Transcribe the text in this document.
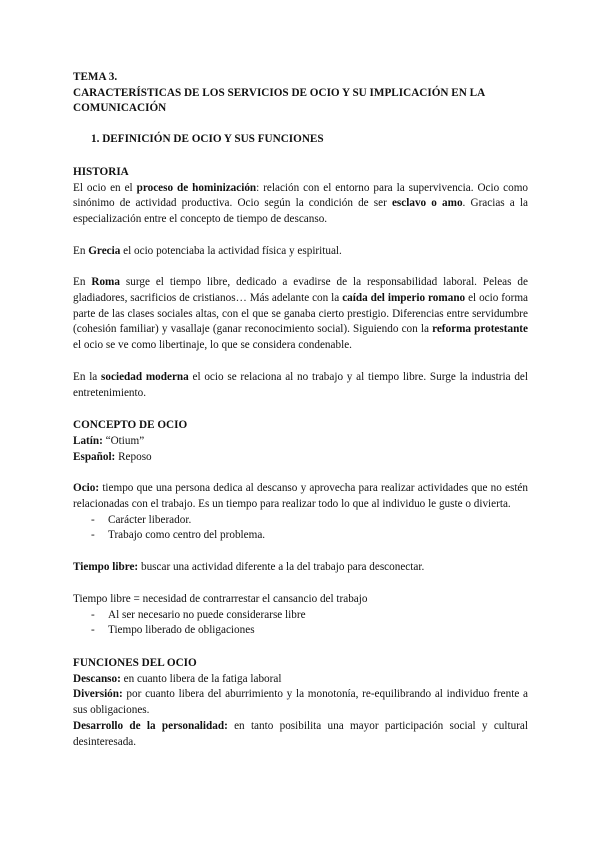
TEMA 3.
CARACTERÍSTICAS DE LOS SERVICIOS DE OCIO Y SU IMPLICACIÓN EN LA
COMUNICACIÓN
1. DEFINICIÓN DE OCIO Y SUS FUNCIONES
HISTORIA

El ocio en el proceso de hominización: relación con el entorno para la supervivencia. Ocio como sinónimo de actividad productiva. Ocio según la condición de ser esclavo o amo. Gracias a la especialización entre el concepto de tiempo de descanso.

En Grecia el ocio potenciaba la actividad física y espiritual.

En Roma surge el tiempo libre, dedicado a evadirse de la responsabilidad laboral. Peleas de gladiadores, sacrificios de cristianos… Más adelante con la caída del imperio romano el ocio forma parte de las clases sociales altas, con el que se ganaba cierto prestigio. Diferencias entre servidumbre (cohesión familiar) y vasallaje (ganar reconocimiento social). Siguiendo con la reforma protestante el ocio se ve como libertinaje, lo que se considera condenable.

En la sociedad moderna el ocio se relaciona al no trabajo y al tiempo libre. Surge la industria del entretenimiento.

CONCEPTO DE OCIO

Latín: “Otium”

Español: Reposo

Ocio: tiempo que una persona dedica al descanso y aprovecha para realizar actividades que no estén relacionadas con el trabajo. Es un tiempo para realizar todo lo que al individuo le guste o divierta.

- Carácter liberador.
- Trabajo como centro del problema.

Tiempo libre: buscar una actividad diferente a la del trabajo para desconectar.

Tiempo libre = necesidad de contrarrestar el cansancio del trabajo

- Al ser necesario no puede considerarse libre
- Tiempo liberado de obligaciones
FUNCIONES DEL OCIO

Descanso: en cuanto libera de la fatiga laboral

Diversión: por cuanto libera del aburrimiento y la monotonía, re-equilibrando al individuo frente a sus obligaciones.

Desarrollo de la personalidad: en tanto posibilita una mayor participación social y cultural desinteresada.
